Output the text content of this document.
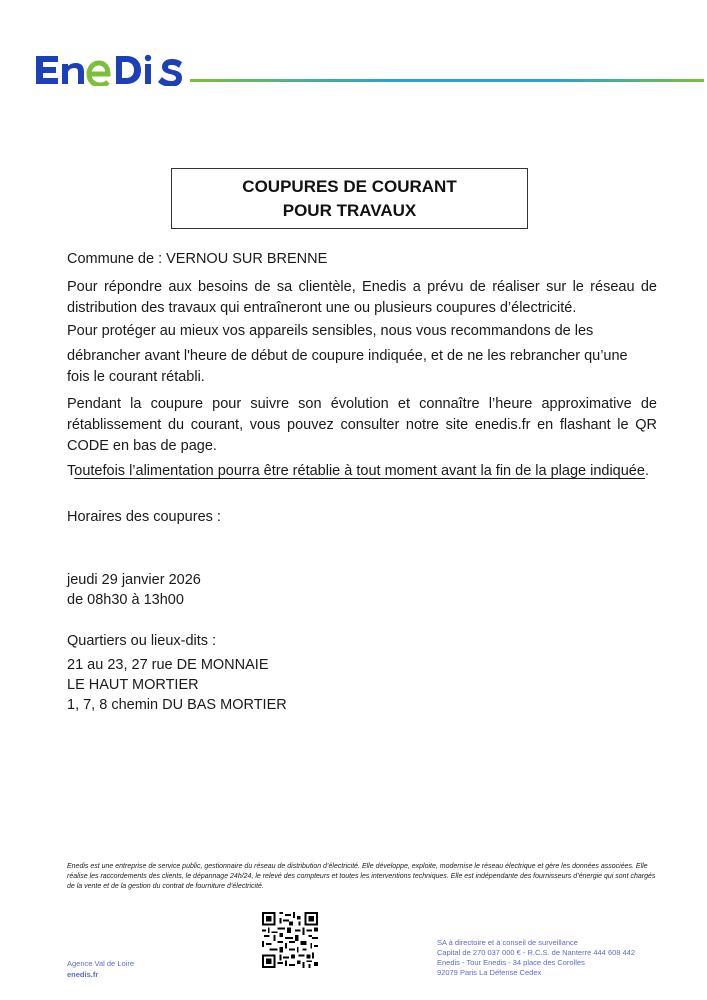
COUPURES DE COURANT
POUR TRAVAUX
Commune de : VERNOU SUR BRENNE
Pour répondre aux besoins de sa clientèle, Enedis a prévu de réaliser sur le réseau de distribution des travaux qui entraîneront une ou plusieurs coupures d’électricité.
Pour protéger au mieux vos appareils sensibles, nous vous recommandons de les
débrancher avant l'heure de début de coupure indiquée, et de ne les rebrancher qu’une fois le courant rétabli.
Pendant la coupure pour suivre son évolution et connaître l’heure approximative de rétablissement du courant, vous pouvez consulter notre site enedis.fr en flashant le QR CODE en bas de page.
Toutefois l’alimentation pourra être rétablie à tout moment avant la fin de la plage indiquée.
Horaires des coupures :
jeudi 29 janvier 2026
de 08h30 à 13h00
Quartiers ou lieux-dits :
21 au 23, 27 rue DE MONNAIE
LE HAUT MORTIER
1, 7, 8 chemin DU BAS MORTIER
Enedis est une entreprise de service public, gestionnaire du réseau de distribution d’électricité. Elle développe, exploite, modernise le réseau électrique et gère les données associées. Elle réalise les raccordements des clients, le dépannage 24h/24, le relevé des compteurs et toutes les interventions techniques. Elle est indépendante des fournisseurs d’énergie qui sont chargés de la vente et de la gestion du contrat de fourniture d’électricité.
Agence Val de Loire
enedis.fr
SA à directoire et à conseil de surveillance
Capital de 270 037 000 € - R.C.S. de Nanterre 444 608 442
Enedis - Tour Enedis - 34 place des Corolles
92079 Paris La Défense Cedex
